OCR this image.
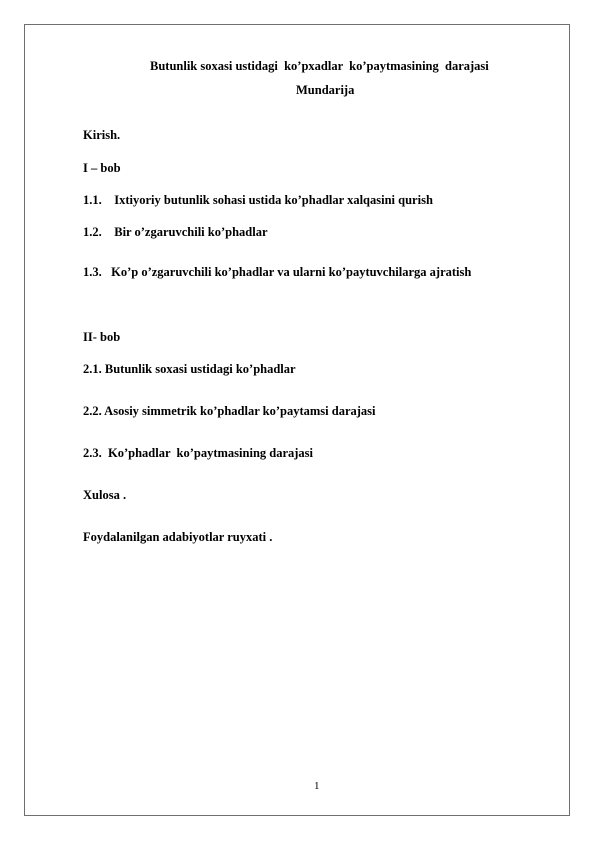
Butunlik soxasi ustidagi  ko’pxadlar  ko’paytmasining  darajasi
Mundarija
Kirish.
I – bob
1.1.    Ixtiyoriy butunlik sohasi ustida ko’phadlar xalqasini qurish
1.2.    Bir o’zgaruvchili ko’phadlar
1.3.   Ko’p o’zgaruvchili ko’phadlar va ularni ko’paytuvchilarga ajratish
II- bob
2.1. Butunlik soxasi ustidagi ko’phadlar
2.2. Asosiy simmetrik ko’phadlar ko’paytamsi darajasi
2.3.  Ko’phadlar  ko’paytmasining darajasi
Xulosa .
Foydalanilgan adabiyotlar ruyxati .
1
